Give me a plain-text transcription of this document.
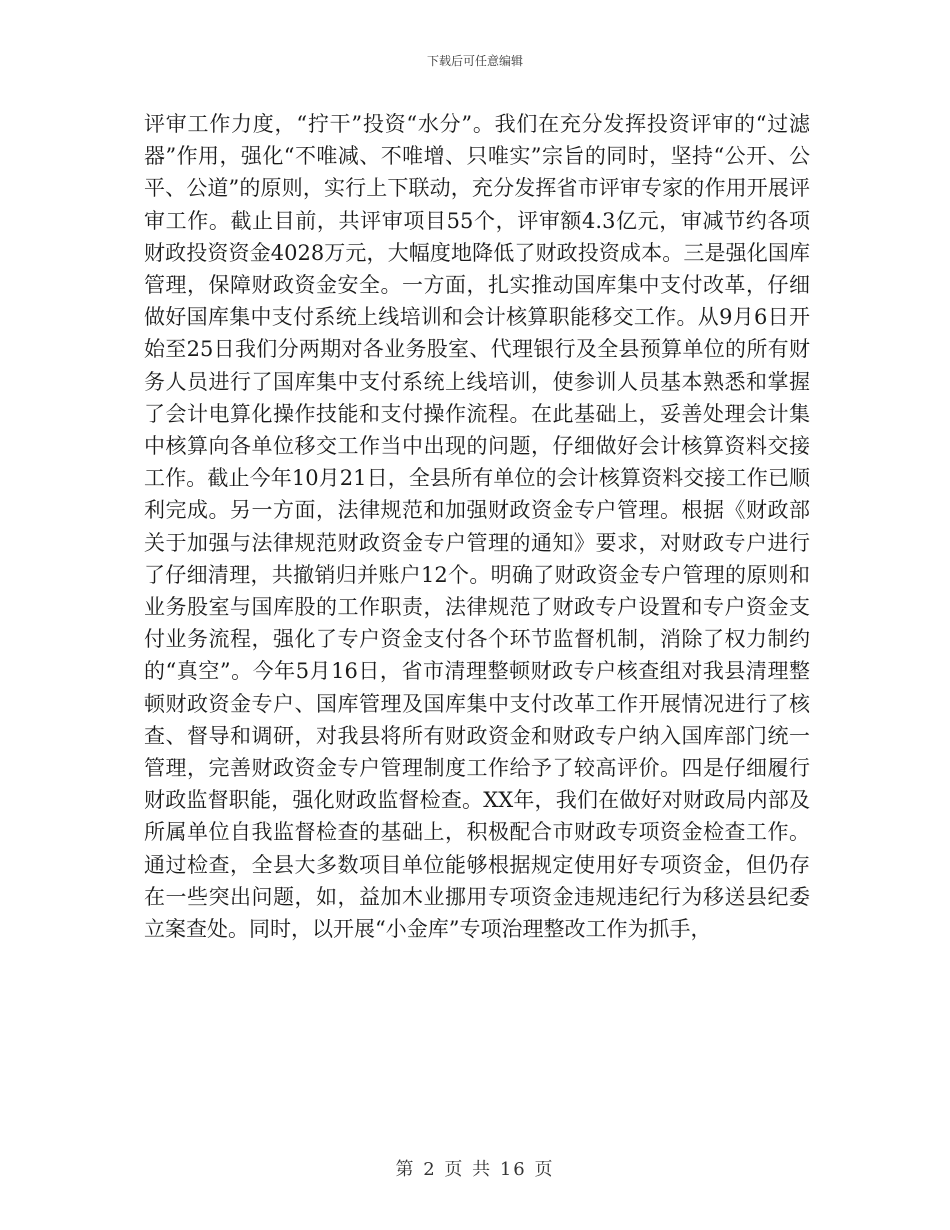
下载后可任意编辑

评审工作力度，“拧干”投资“水分”。我们在充分发挥投资评审的“过滤器”作用，强化“不唯减、不唯增、只唯实”宗旨的同时，坚持“公开、公平、公道”的原则，实行上下联动，充分发挥省市评审专家的作用开展评审工作。截止目前，共评审项目55个，评审额4.3亿元，审减节约各项财政投资资金4028万元，大幅度地降低了财政投资成本。三是强化国库管理，保障财政资金安全。一方面，扎实推动国库集中支付改革，仔细做好国库集中支付系统上线培训和会计核算职能移交工作。从9月6日开始至25日我们分两期对各业务股室、代理银行及全县预算单位的所有财务人员进行了国库集中支付系统上线培训，使参训人员基本熟悉和掌握了会计电算化操作技能和支付操作流程。在此基础上，妥善处理会计集中核算向各单位移交工作当中出现的问题，仔细做好会计核算资料交接工作。截止今年10月21日，全县所有单位的会计核算资料交接工作已顺利完成。另一方面，法律规范和加强财政资金专户管理。根据《财政部关于加强与法律规范财政资金专户管理的通知》要求，对财政专户进行了仔细清理，共撤销归并账户12个。明确了财政资金专户管理的原则和业务股室与国库股的工作职责，法律规范了财政专户设置和专户资金支付业务流程，强化了专户资金支付各个环节监督机制，消除了权力制约的“真空”。今年5月16日，省市清理整顿财政专户核查组对我县清理整顿财政资金专户、国库管理及国库集中支付改革工作开展情况进行了核查、督导和调研，对我县将所有财政资金和财政专户纳入国库部门统一管理，完善财政资金专户管理制度工作给予了较高评价。四是仔细履行财政监督职能，强化财政监督检查。XX年，我们在做好对财政局内部及所属单位自我监督检查的基础上，积极配合市财政专项资金检查工作。通过检查，全县大多数项目单位能够根据规定使用好专项资金，但仍存在一些突出问题，如，益加木业挪用专项资金违规违纪行为移送县纪委立案查处。同时，以开展“小金库”专项治理整改工作为抓手，

第 2 页 共 16 页
